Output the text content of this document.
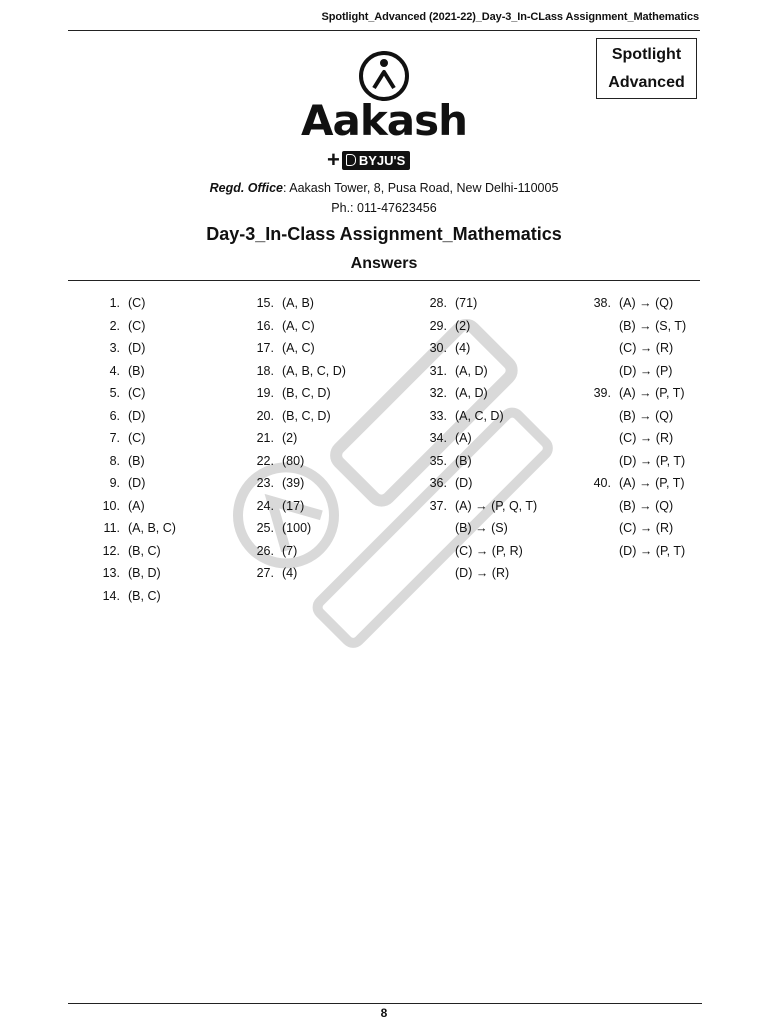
Spotlight_Advanced (2021-22)_Day-3_In-CLass Assignment_Mathematics
Spotlight
Advanced
Aakash
+ BYJU'S
Regd. Office: Aakash Tower, 8, Pusa Road, New Delhi-110005
Ph.: 011-47623456
Day-3_In-Class Assignment_Mathematics
Answers
1. (C)
2. (C)
3. (D)
4. (B)
5. (C)
6. (D)
7. (C)
8. (B)
9. (D)
10. (A)
11. (A, B, C)
12. (B, C)
13. (B, D)
14. (B, C)
15. (A, B)
16. (A, C)
17. (A, C)
18. (A, B, C, D)
19. (B, C, D)
20. (B, C, D)
21. (2)
22. (80)
23. (39)
24. (17)
25. (100)
26. (7)
27. (4)
28. (71)
29. (2)
30. (4)
31. (A, D)
32. (A, D)
33. (A, C, D)
34. (A)
35. (B)
36. (D)
37. (A) → (P, Q, T)
(B) → (S)
(C) → (P, R)
(D) → (R)
38. (A) → (Q)
(B) → (S, T)
(C) → (R)
(D) → (P)
39. (A) → (P, T)
(B) → (Q)
(C) → (R)
(D) → (P, T)
40. (A) → (P, T)
(B) → (Q)
(C) → (R)
(D) → (P, T)
8
